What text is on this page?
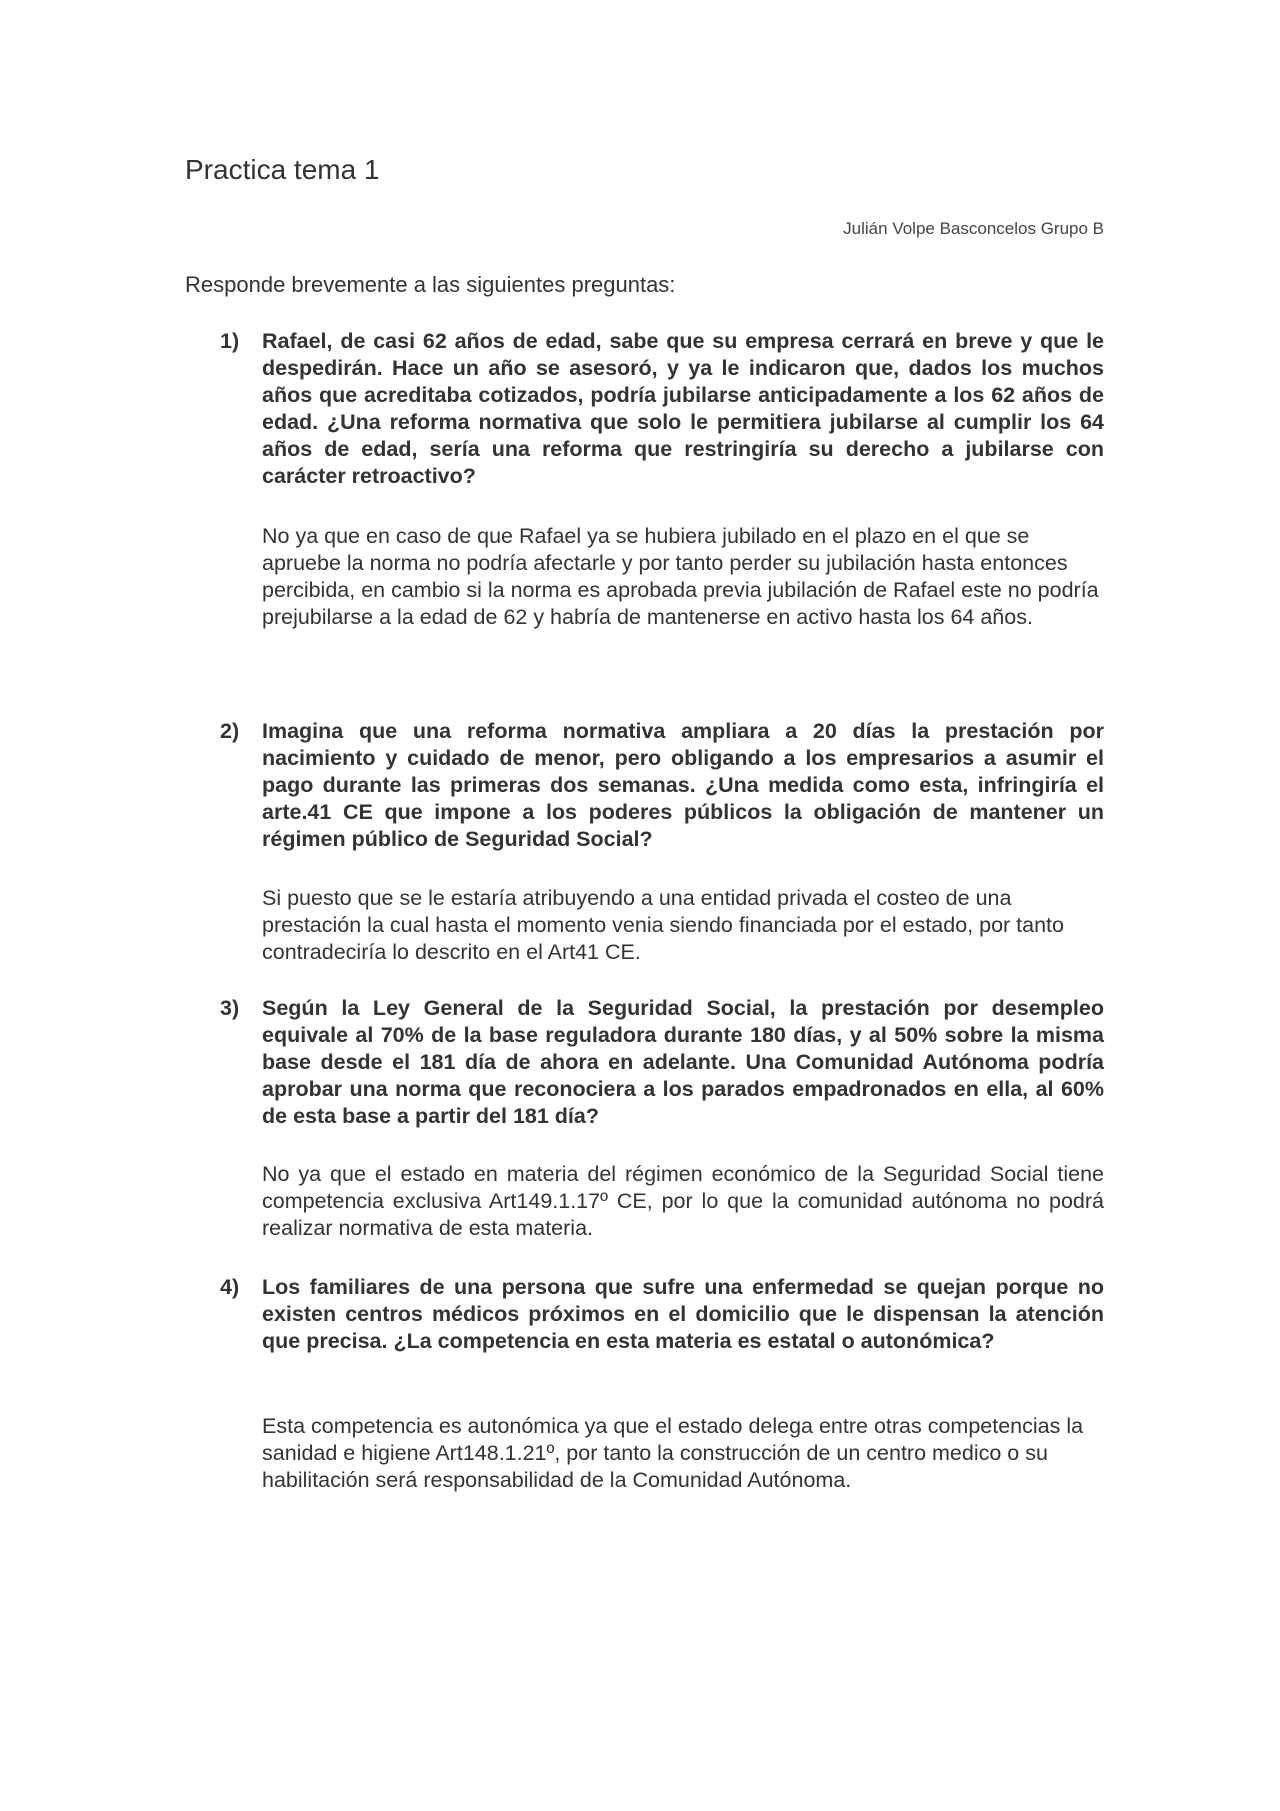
Practica tema 1
Julián Volpe Basconcelos Grupo B
Responde brevemente a las siguientes preguntas:
1)	Rafael, de casi 62 años de edad, sabe que su empresa cerrará en breve y que le despedirán. Hace un año se asesoró, y ya le indicaron que, dados los muchos años que acreditaba cotizados, podría jubilarse anticipadamente a los 62 años de edad. ¿Una reforma normativa que solo le permitiera jubilarse al cumplir los 64 años de edad, sería una reforma que restringiría su derecho a jubilarse con carácter retroactivo?
No ya que en caso de que Rafael ya se hubiera jubilado en el plazo en el que se apruebe la norma no podría afectarle y por tanto perder su jubilación hasta entonces percibida, en cambio si la norma es aprobada previa jubilación de Rafael este no podría prejubilarse a la edad de 62 y habría de mantenerse en activo hasta los 64 años.
2)	Imagina que una reforma normativa ampliara a 20 días la prestación por nacimiento y cuidado de menor, pero obligando a los empresarios a asumir el pago durante las primeras dos semanas. ¿Una medida como esta, infringiría el arte.41 CE que impone a los poderes públicos la obligación de mantener un régimen público de Seguridad Social?
Si puesto que se le estaría atribuyendo a una entidad privada el costeo de una prestación la cual hasta el momento venia siendo financiada por el estado, por tanto contradeciría lo descrito en el Art41 CE.
3)	Según la Ley General de la Seguridad Social, la prestación por desempleo equivale al 70% de la base reguladora durante 180 días, y al 50% sobre la misma base desde el 181 día de ahora en adelante. Una Comunidad Autónoma podría aprobar una norma que reconociera a los parados empadronados en ella, al 60% de esta base a partir del 181 día?
No ya que el estado en materia del régimen económico de la Seguridad Social tiene competencia exclusiva Art149.1.17º CE, por lo que la comunidad autónoma no podrá realizar normativa de esta materia.
4)	Los familiares de una persona que sufre una enfermedad se quejan porque no existen centros médicos próximos en el domicilio que le dispensan la atención que precisa. ¿La competencia en esta materia es estatal o autonómica?
Esta competencia es autonómica ya que el estado delega entre otras competencias la sanidad e higiene Art148.1.21º, por tanto la construcción de un centro medico o su habilitación será responsabilidad de la Comunidad Autónoma.
